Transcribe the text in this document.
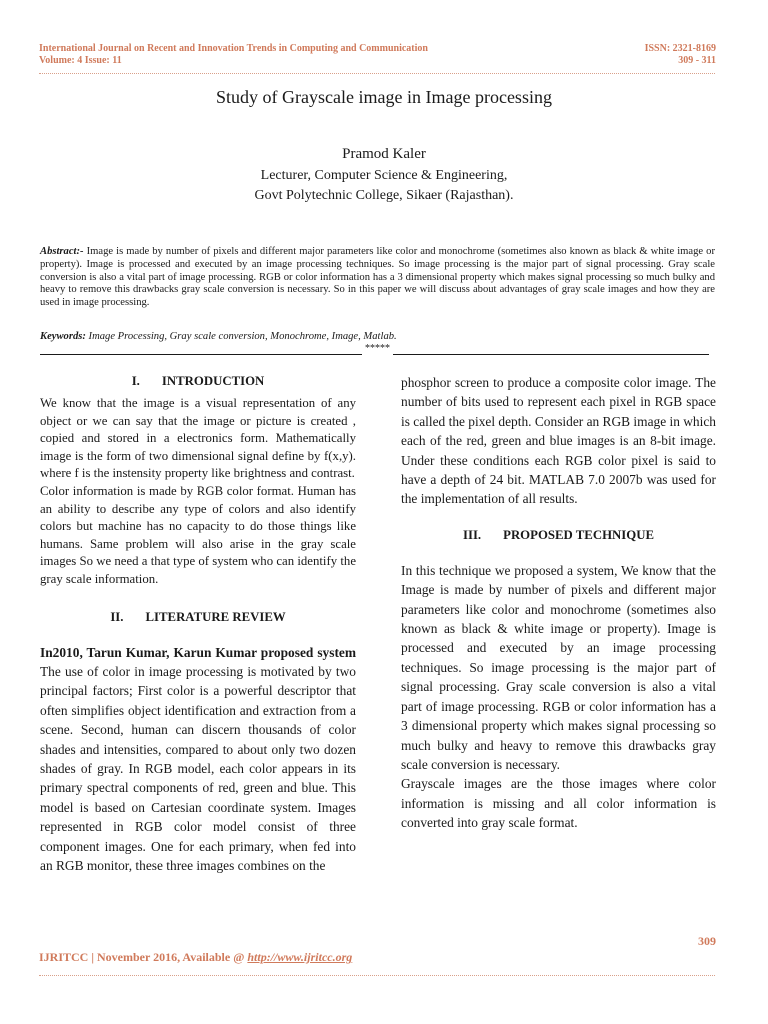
International Journal on Recent and Innovation Trends in Computing and Communication
Volume: 4 Issue: 11
ISSN: 2321-8169
309 - 311
Study of Grayscale image in Image processing
Pramod Kaler
Lecturer, Computer Science & Engineering,
Govt Polytechnic College, Sikaer (Rajasthan).
Abstract:- Image is made by number of pixels and different major parameters like color and monochrome (sometimes also known as black & white image or property). Image is processed and executed by an image processing techniques. So image processing is the major part of signal processing. Gray scale conversion is also a vital part of image processing. RGB or color information has a 3 dimensional property which makes signal processing so much bulky and heavy to remove this drawbacks gray scale conversion is necessary. So in this paper we will discuss about advantages of gray scale images and how they are used in image processing.
Keywords: Image Processing, Gray scale conversion, Monochrome, Image, Matlab.
*****
I. INTRODUCTION

We know that the image is a visual representation of any object or we can say that the image or picture is created , copied and stored in a electronics form. Mathematically image is the form of two dimensional signal define by f(x,y). where f is the instensity property like brightness and contrast.

Color information is made by RGB color format. Human has an ability to describe any type of colors and also identify colors but machine has no capacity to do those things like humans. Same problem will also arise in the gray scale images So we need a that type of system who can identify the gray scale information.

II. LITERATURE REVIEW

In2010, Tarun Kumar, Karun Kumar proposed system The use of color in image processing is motivated by two principal factors; First color is a powerful descriptor that often simplifies object identification and extraction from a scene. Second, human can discern thousands of color shades and intensities, compared to about only two dozen shades of gray. In RGB model, each color appears in its primary spectral components of red, green and blue. This model is based on Cartesian coordinate system. Images represented in RGB color model consist of three component images. One for each primary, when fed into an RGB monitor, these three images combines on the

phosphor screen to produce a composite color image. The number of bits used to represent each pixel in RGB space is called the pixel depth. Consider an RGB image in which each of the red, green and blue images is an 8-bit image. Under these conditions each RGB color pixel is said to have a depth of 24 bit. MATLAB 7.0 2007b was used for the implementation of all results.

III. PROPOSED TECHNIQUE

In this technique we proposed a system, We know that the Image is made by number of pixels and different major parameters like color and monochrome (sometimes also known as black & white image or property). Image is processed and executed by an image processing techniques. So image processing is the major part of signal processing. Gray scale conversion is also a vital part of image processing. RGB or color information has a 3 dimensional property which makes signal processing so much bulky and heavy to remove this drawbacks gray scale conversion is necessary.

Grayscale images are the those images where color information is missing and all color information is converted into gray scale format.

309
IJRITCC | November 2016, Available @ http://www.ijritcc.org
